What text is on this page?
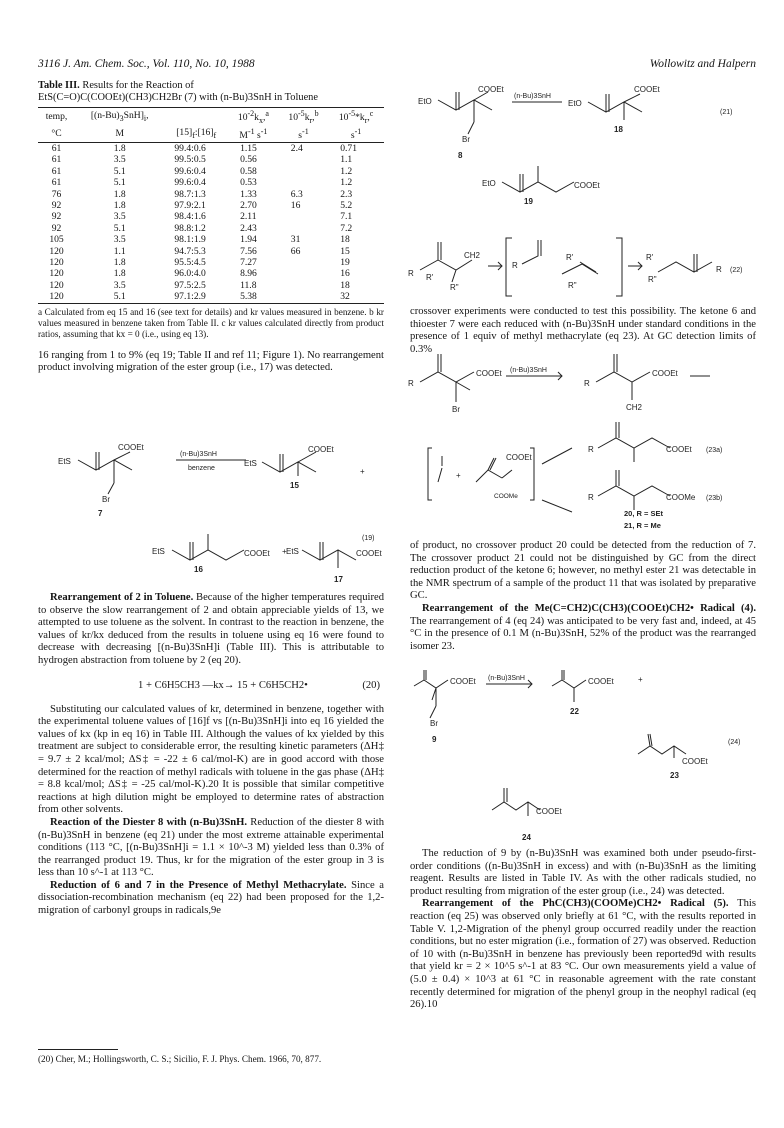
3116 J. Am. Chem. Soc., Vol. 110, No. 10, 1988	Wollowitz and Halpern
Table III. Results for the Reaction of
EtS(C=O)C(COOEt)(CH3)CH2Br (7) with (n-Bu)3SnH in Toluene
temp,	$[(n-Bu)_3SnH]_i$,		$10^{-2}k_x,^a$	$10^{-5}k_r,^b$	$10^{-5}*k_r,^c$
°C	M	$[15]_f:[16]_f$	$M^{-1}$ $s^{-1}$	$s^{-1}$	$s^{-1}$
61	1.8	99.4:0.6	1.15	2.4	0.71
61	3.5	99.5:0.5	0.56		1.1
61	5.1	99.6:0.4	0.58		1.2
61	5.1	99.6:0.4	0.53		1.2
76	1.8	98.7:1.3	1.33	6.3	2.3
92	1.8	97.9:2.1	2.70	16	5.2
92	3.5	98.4:1.6	2.11		7.1
92	5.1	98.8:1.2	2.43		7.2
105	3.5	98.1:1.9	1.94	31	18
120	1.1	94.7:5.3	7.56	66	15
120	1.8	95.5:4.5	7.27		19
120	1.8	96.0:4.0	8.96		16
120	3.5	97.5:2.5	11.8		18
120	5.1	97.1:2.9	5.38		32
a Calculated from eq 15 and 16 (see text for details) and kr values measured in benzene. b kr values measured in benzene taken from Table II. c kr values calculated directly from product ratios, assuming that kx = 0 (i.e., using eq 13).

16 ranging from 1 to 9% (eq 19; Table II and ref 11; Figure 1). No rearrangement product involving migration of the ester group (i.e., 17) was detected.

EtS
COOEt
Br
7
(n-Bu)3SnH
benzene
EtS
COOEt
15
+
EtS	COOEt
16
+ EtS	COOEt
17
(19)

Rearrangement of 2 in Toluene. Because of the higher temperatures required to observe the slow rearrangement of 2 and obtain appreciable yields of 13, we attempted to use toluene as the solvent. In contrast to the reaction in benzene, the values of kr/kx deduced from the results in toluene using eq 16 were found to decrease with decreasing [(n-Bu)3SnH]i (Table III). This is attributable to hydrogen abstraction from toluene by 2 (eq 20).

1 + C6H5CH3 —kx→ 15 + C6H5CH2•	(20)

Substituting our calculated values of kr, determined in benzene, together with the experimental toluene values of [16]f vs [(n-Bu)3SnH]i into eq 16 yielded the values of kx (kp in eq 16) in Table III. Although the values of kx yielded by this treatment are subject to considerable error, the resulting kinetic parameters (ΔH‡ = 9.7 ± 2 kcal/mol; ΔS‡ = -22 ± 6 cal/mol-K) are in good accord with those determined for the reaction of methyl radicals with toluene in the gas phase (ΔH‡ = 8.8 kcal/mol; ΔS‡ = -25 cal/mol-K).20 It is possible that similar competitive reactions at high dilution might be employed to determine rates of abstraction from other solvents.

Reaction of the Diester 8 with (n-Bu)3SnH. Reduction of the diester 8 with (n-Bu)3SnH in benzene (eq 21) under the most extreme attainable experimental conditions (113 °C, [(n-Bu)3SnH]i = 1.1 × 10^-3 M) yielded less than 0.3% of the rearranged product 19. Thus, kr for the migration of the ester group in 3 is less than 10 s^-1 at 113 °C.

Reduction of 6 and 7 in the Presence of Methyl Methacrylate. Since a dissociation-recombination mechanism (eq 22) had been proposed for the 1,2-migration of carbonyl groups in radicals,9e

(20) Cher, M.; Hollingsworth, C. S.; Sicilio, F. J. Phys. Chem. 1966, 70, 877.
EtO
COOEt
Br
8
(n-Bu)3SnH
EtO
COOEt
18
(21)
EtO	COOEt
19
R R'
R"
CH2
R
R'
R"
R'
R"
R (22)

crossover experiments were conducted to test this possibility. The ketone 6 and thioester 7 were each reduced with (n-Bu)3SnH under standard conditions in the presence of 1 equiv of methyl methacrylate (eq 23). At GC detection limits of 0.3%

R
COOEt
Br
(n-Bu)3SnH
R
COOEt
CH2
+
COOEt
COOMe
R	COOEt (23a)
R	COOMe (23b)
20, R = SEt
21, R = Me

of product, no crossover product 20 could be detected from the reduction of 7. The crossover product 21 could not be distinguished by GC from the direct reduction product of the ketone 6; however, no methyl ester 21 was detectable in the NMR spectrum of a sample of the product 11 that was isolated by preparative GC.

Rearrangement of the Me(C=CH2)C(CH3)(COOEt)CH2• Radical (4). The rearrangement of 4 (eq 24) was anticipated to be very fast and, indeed, at 45 °C in the presence of 0.1 M (n-Bu)3SnH, 52% of the product was the rearranged isomer 23.

COOEt
Br
9
(n-Bu)3SnH	COOEt
22
+
COOEt
23
(24)
COOEt
24

The reduction of 9 by (n-Bu)3SnH was examined both under pseudo-first-order conditions ((n-Bu)3SnH in excess) and with (n-Bu)3SnH as the limiting reagent. Results are listed in Table IV. As with the other radicals studied, no product resulting from migration of the ester group (i.e., 24) was detected.

Rearrangement of the PhC(CH3)(COOMe)CH2• Radical (5). This reaction (eq 25) was observed only briefly at 61 °C, with the results reported in Table V. 1,2-Migration of the phenyl group occurred readily under the reaction conditions, but no ester migration (i.e., formation of 27) was observed. Reduction of 10 with (n-Bu)3SnH in benzene has previously been reported9d with results that yield kr = 2 × 10^5 s^-1 at 83 °C. Our own measurements yield a value of (5.0 ± 0.4) × 10^3 at 61 °C in reasonable agreement with the rate constant recently determined for migration of the phenyl group in the neophyl radical (eq 26).10
